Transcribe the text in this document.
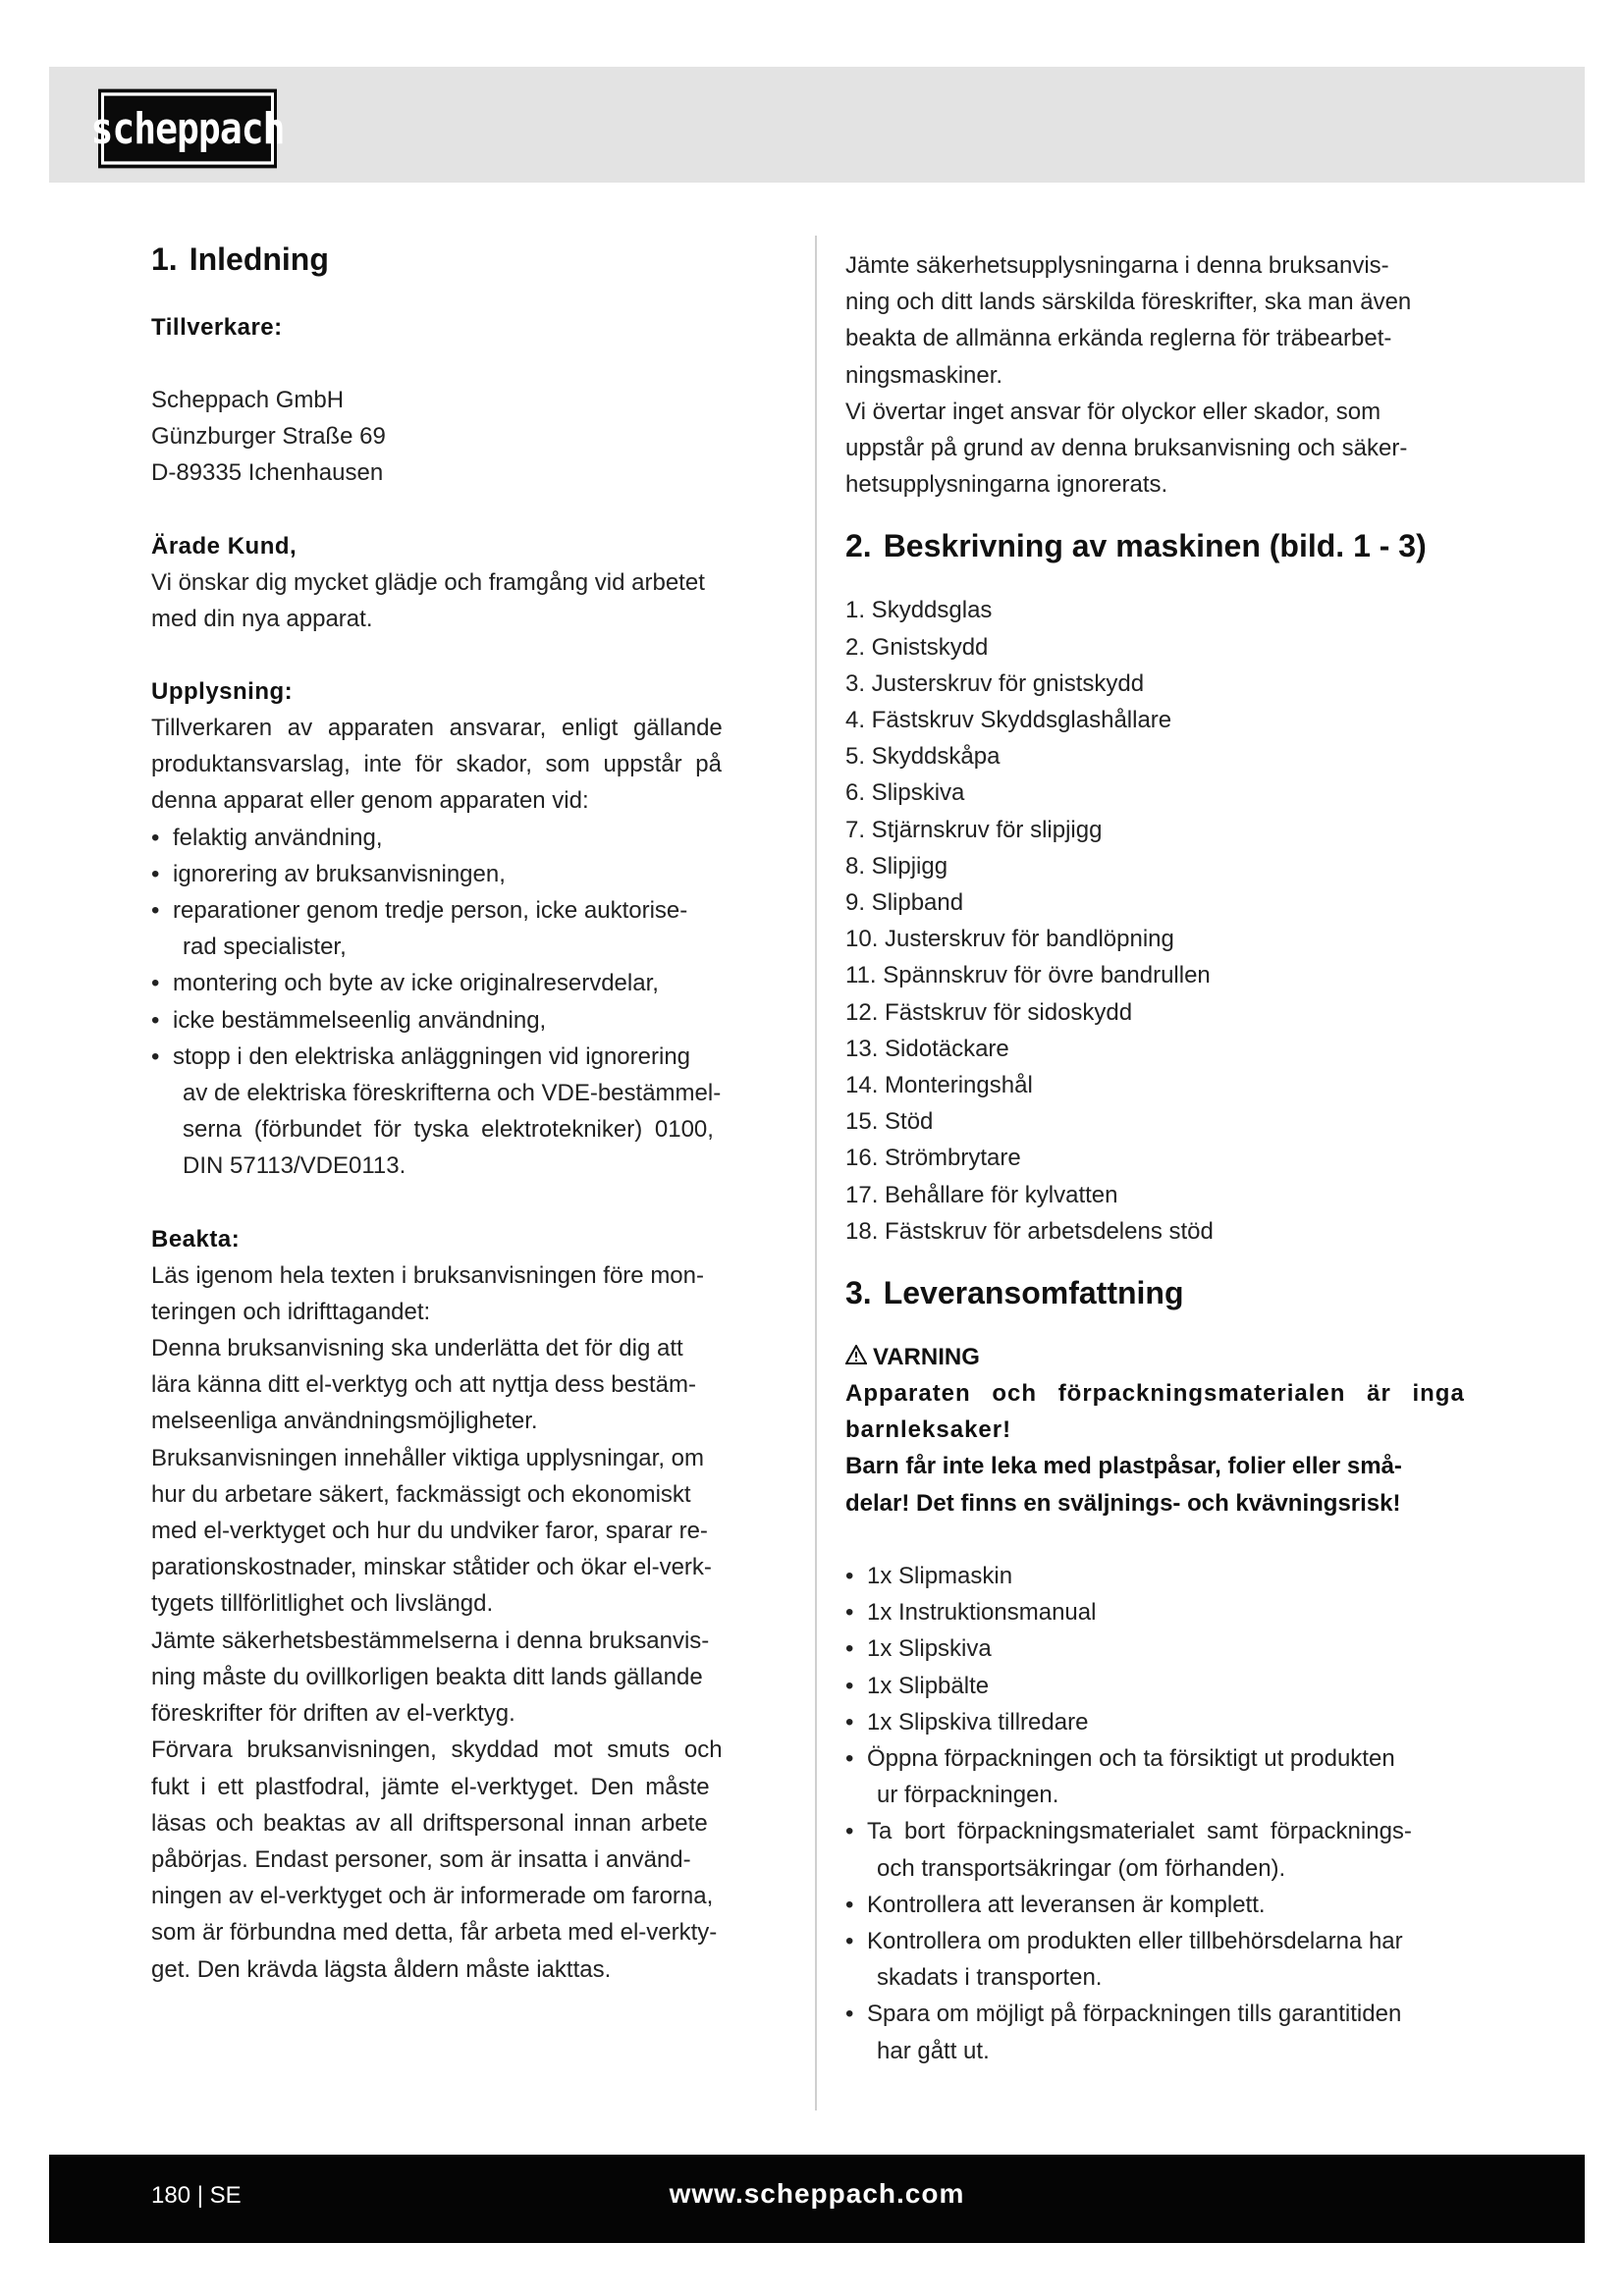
scheppach
1. Inledning

Tillverkare:

Scheppach GmbH

Günzburger Straße 69

D-89335 Ichenhausen

Ärade Kund,

Vi önskar dig mycket glädje och framgång vid arbetet

med din nya apparat.

Upplysning:

Tillverkaren av apparaten ansvarar, enligt gällande

produktansvarslag, inte för skador, som uppstår på

denna apparat eller genom apparaten vid:

• felaktig användning,
• ignorering av bruksanvisningen,
• reparationer genom tredje person, icke auktorise-
rad specialister,
• montering och byte av icke originalreservdelar,
• icke bestämmelseenlig användning,
• stopp i den elektriska anläggningen vid ignorering
av de elektriska föreskrifterna och VDE-bestämmel-
serna (förbundet för tyska elektrotekniker) 0100,
DIN 57113/VDE0113.

Beakta:

Läs igenom hela texten i bruksanvisningen före mon-

teringen och idrifttagandet:

Denna bruksanvisning ska underlätta det för dig att

lära känna ditt el-verktyg och att nyttja dess bestäm-

melseenliga användningsmöjligheter.

Bruksanvisningen innehåller viktiga upplysningar, om

hur du arbetare säkert, fackmässigt och ekonomiskt

med el-verktyget och hur du undviker faror, sparar re-

parationskostnader, minskar ståtider och ökar el-verk-

tygets tillförlitlighet och livslängd.

Jämte säkerhetsbestämmelserna i denna bruksanvis-

ning måste du ovillkorligen beakta ditt lands gällande

föreskrifter för driften av el-verktyg.

Förvara bruksanvisningen, skyddad mot smuts och

fukt i ett plastfodral, jämte el-verktyget. Den måste

läsas och beaktas av all driftspersonal innan arbete

påbörjas. Endast personer, som är insatta i använd-

ningen av el-verktyget och är informerade om farorna,

som är förbundna med detta, får arbeta med el-verkty-

get. Den krävda lägsta åldern måste iakttas.

Jämte säkerhetsupplysningarna i denna bruksanvis-

ning och ditt lands särskilda föreskrifter, ska man även

beakta de allmänna erkända reglerna för träbearbet-

ningsmaskiner.

Vi övertar inget ansvar för olyckor eller skador, som

uppstår på grund av denna bruksanvisning och säker-

hetsupplysningarna ignorerats.

2. Beskrivning av maskinen (bild. 1 - 3)
1. Skyddsglas
2. Gnistskydd
3. Justerskruv för gnistskydd
4. Fästskruv Skyddsglashållare
5. Skyddskåpa
6. Slipskiva
7. Stjärnskruv för slipjigg
8. Slipjigg
9. Slipband
10. Justerskruv för bandlöpning
11. Spännskruv för övre bandrullen
12. Fästskruv för sidoskydd
13. Sidotäckare
14. Monteringshål
15. Stöd
16. Strömbrytare
17. Behållare för kylvatten
18. Fästskruv för arbetsdelens stöd
3. Leveransomfattning

VARNING

Apparaten och förpackningsmaterialen är inga

barnleksaker!

Barn får inte leka med plastpåsar, folier eller små-

delar! Det finns en sväljnings- och kvävningsrisk!

• 1x Slipmaskin
• 1x Instruktionsmanual
• 1x Slipskiva
• 1x Slipbälte
• 1x Slipskiva tillredare
• Öppna förpackningen och ta försiktigt ut produkten
ur förpackningen.
• Ta bort förpackningsmaterialet samt förpacknings-
och transportsäkringar (om förhanden).
• Kontrollera att leveransen är komplett.
• Kontrollera om produkten eller tillbehörsdelarna har
skadats i transporten.
• Spara om möjligt på förpackningen tills garantitiden
har gått ut.
180 | SE	www.scheppach.com
